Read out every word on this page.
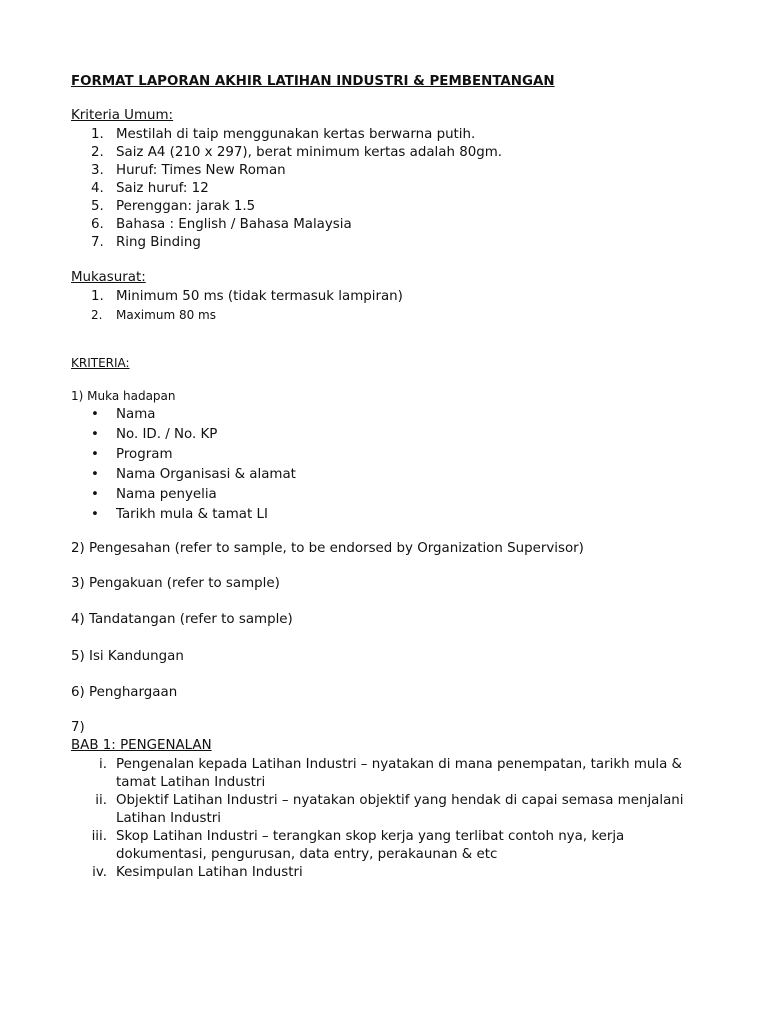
FORMAT LAPORAN AKHIR LATIHAN INDUSTRI & PEMBENTANGAN
Kriteria Umum:
1. Mestilah di taip menggunakan kertas berwarna putih.
2. Saiz A4 (210 x 297), berat minimum kertas adalah 80gm.
3. Huruf: Times New Roman
4. Saiz huruf: 12
5. Perenggan: jarak 1.5
6. Bahasa : English / Bahasa Malaysia
7. Ring Binding
Mukasurat:
1. Minimum 50 ms (tidak termasuk lampiran)
2.	Maximum 80 ms
KRITERIA:
1) Muka hadapan
•	Nama
•	No. ID. / No. KP
•	Program
•	Nama Organisasi & alamat
•	Nama penyelia
•	Tarikh mula & tamat LI
2) Pengesahan (refer to sample, to be endorsed by Organization Supervisor)
3) Pengakuan (refer to sample)
4) Tandatangan (refer to sample)
5) Isi Kandungan
6) Penghargaan
7)
BAB 1: PENGENALAN
i. Pengenalan kepada Latihan Industri – nyatakan di mana penempatan, tarikh mula &
tamat Latihan Industri
ii. Objektif Latihan Industri – nyatakan objektif yang hendak di capai semasa menjalani
Latihan Industri
iii. Skop Latihan Industri – terangkan skop kerja yang terlibat contoh nya, kerja
dokumentasi, pengurusan, data entry, perakaunan & etc
iv. Kesimpulan Latihan Industri
